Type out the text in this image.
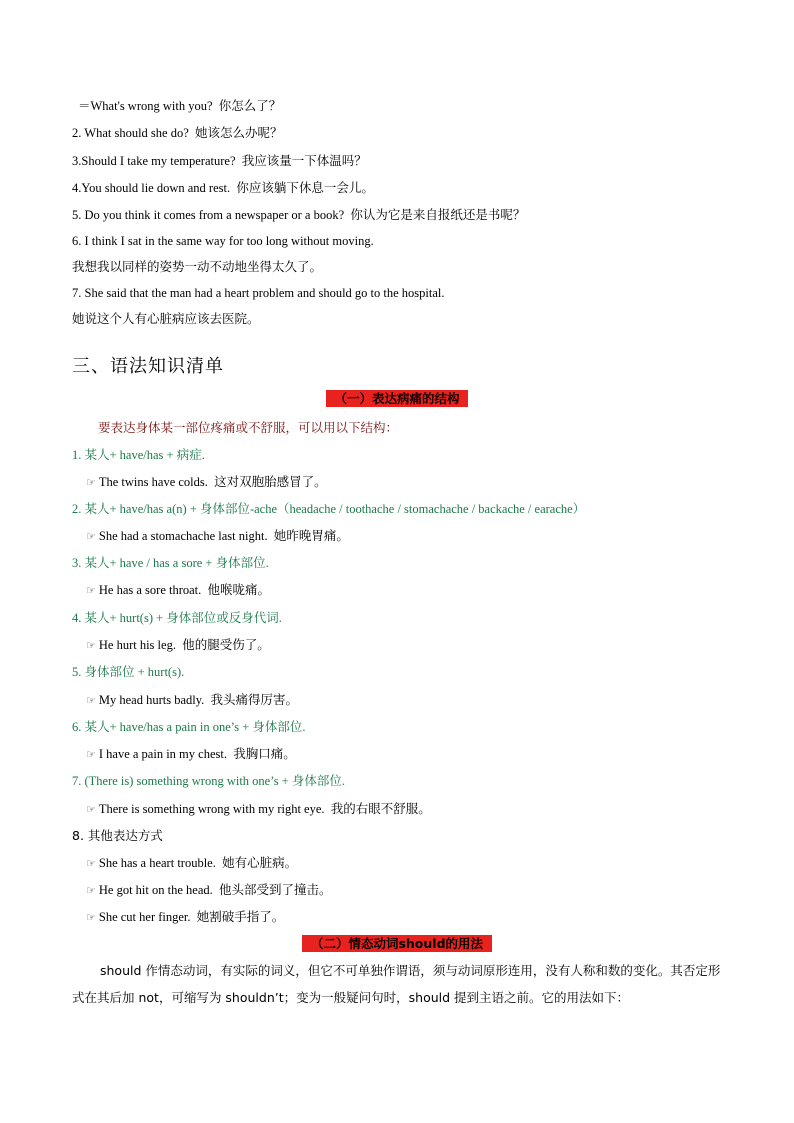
＝What's wrong with you? 你怎么了？
2. What should she do? 她该怎么办呢？
3.Should I take my temperature? 我应该量一下体温吗？
4.You should lie down and rest. 你应该躺下休息一会儿。
5. Do you think it comes from a newspaper or a book? 你认为它是来自报纸还是书呢？
6. I think I sat in the same way for too long without moving.
我想我以同样的姿势一动不动地坐得太久了。
7. She said that the man had a heart problem and should go to the hospital.
她说这个人有心脏病应该去医院。
三、语法知识清单
（一）表达病痛的结构
要表达身体某一部位疼痛或不舒服，可以用以下结构：
1. 某人+ have/has + 病症.
☞ The twins have colds. 这对双胞胎感冒了。
2. 某人+ have/has a(n) + 身体部位-ache（headache / toothache / stomachache / backache / earache）
☞ She had a stomachache last night. 她昨晚胃痛。
3. 某人+ have / has a sore + 身体部位.
☞ He has a sore throat. 他喉咙痛。
4. 某人+ hurt(s) + 身体部位或反身代词.
☞ He hurt his leg. 他的腿受伤了。
5. 身体部位 + hurt(s).
☞ My head hurts badly. 我头痛得厉害。
6. 某人+ have/has a pain in one’s + 身体部位.
☞ I have a pain in my chest. 我胸口痛。
7. (There is) something wrong with one’s + 身体部位.
☞ There is something wrong with my right eye. 我的右眼不舒服。
8. 其他表达方式
☞ She has a heart trouble. 她有心脏病。
☞ He got hit on the head. 他头部受到了撞击。
☞ She cut her finger. 她割破手指了。
（二）情态动词should的用法
should 作情态动词，有实际的词义，但它不可单独作谓语，须与动词原形连用，没有人称和数的变化。其否定形式在其后加 not，可缩写为 shouldn’t；变为一般疑问句时，should 提到主语之前。它的用法如下：
